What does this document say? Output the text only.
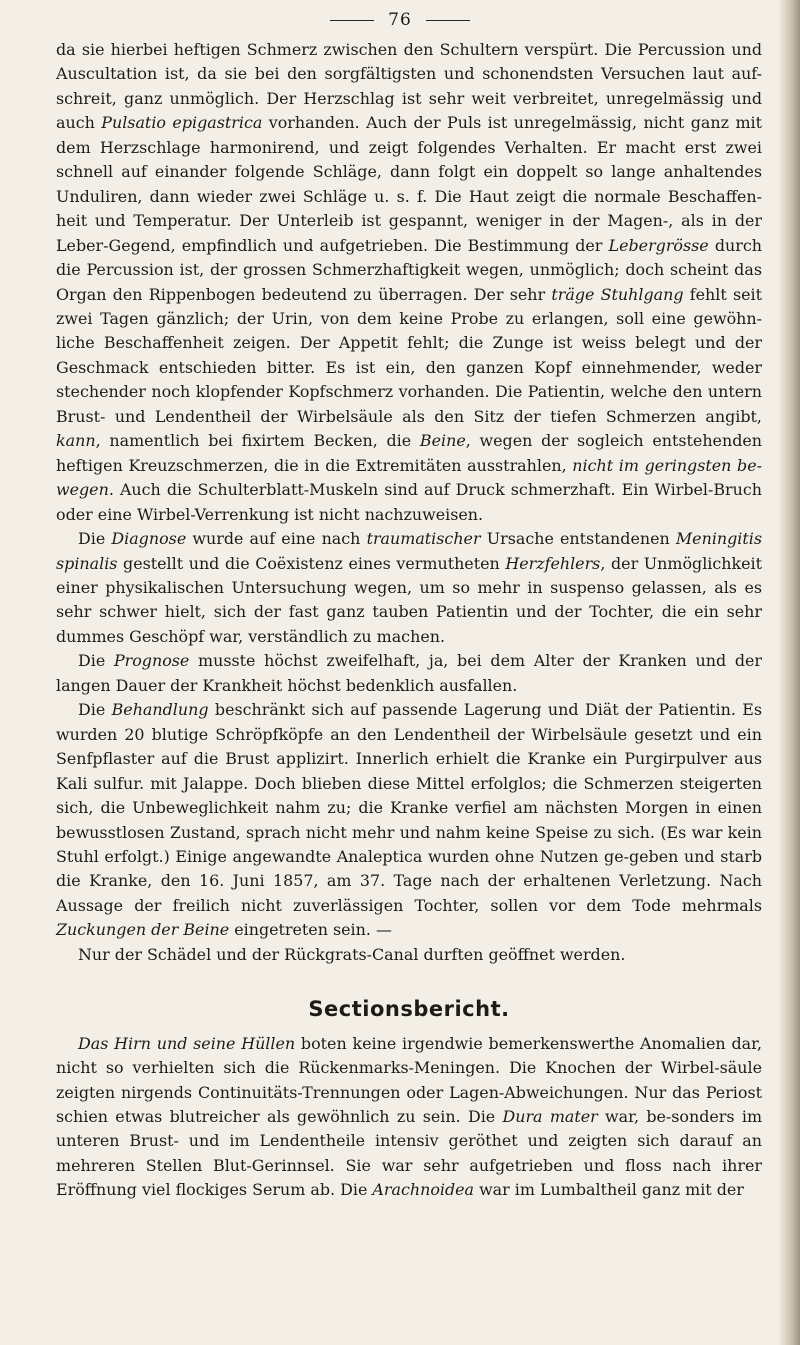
76

da sie hierbei heftigen Schmerz zwischen den Schultern verspürt. Die Percussion und Auscultation ist, da sie bei den sorgfältigsten und schonendsten Versuchen laut auf-schreit, ganz unmöglich. Der Herzschlag ist sehr weit verbreitet, unregelmässig und auch Pulsatio epigastrica vorhanden. Auch der Puls ist unregelmässig, nicht ganz mit dem Herzschlage harmonirend, und zeigt folgendes Verhalten. Er macht erst zwei schnell auf einander folgende Schläge, dann folgt ein doppelt so lange anhaltendes Unduliren, dann wieder zwei Schläge u. s. f. Die Haut zeigt die normale Beschaffen-heit und Temperatur. Der Unterleib ist gespannt, weniger in der Magen-, als in der Leber-Gegend, empfindlich und aufgetrieben. Die Bestimmung der Lebergrösse durch die Percussion ist, der grossen Schmerzhaftigkeit wegen, unmöglich; doch scheint das Organ den Rippenbogen bedeutend zu überragen. Der sehr träge Stuhlgang fehlt seit zwei Tagen gänzlich; der Urin, von dem keine Probe zu erlangen, soll eine gewöhn-liche Beschaffenheit zeigen. Der Appetit fehlt; die Zunge ist weiss belegt und der Geschmack entschieden bitter. Es ist ein, den ganzen Kopf einnehmender, weder stechender noch klopfender Kopfschmerz vorhanden. Die Patientin, welche den untern Brust- und Lendentheil der Wirbelsäule als den Sitz der tiefen Schmerzen angibt, kann, namentlich bei fixirtem Becken, die Beine, wegen der sogleich entstehenden heftigen Kreuzschmerzen, die in die Extremitäten ausstrahlen, nicht im geringsten be-wegen. Auch die Schulterblatt-Muskeln sind auf Druck schmerzhaft. Ein Wirbel-Bruch oder eine Wirbel-Verrenkung ist nicht nachzuweisen.

Die Diagnose wurde auf eine nach traumatischer Ursache entstandenen Meningitis spinalis gestellt und die Coëxistenz eines vermutheten Herzfehlers, der Unmöglichkeit einer physikalischen Untersuchung wegen, um so mehr in suspenso gelassen, als es sehr schwer hielt, sich der fast ganz tauben Patientin und der Tochter, die ein sehr dummes Geschöpf war, verständlich zu machen.

Die Prognose musste höchst zweifelhaft, ja, bei dem Alter der Kranken und der langen Dauer der Krankheit höchst bedenklich ausfallen.

Die Behandlung beschränkt sich auf passende Lagerung und Diät der Patientin. Es wurden 20 blutige Schröpfköpfe an den Lendentheil der Wirbelsäule gesetzt und ein Senfpflaster auf die Brust applizirt. Innerlich erhielt die Kranke ein Purgirpulver aus Kali sulfur. mit Jalappe. Doch blieben diese Mittel erfolglos; die Schmerzen steigerten sich, die Unbeweglichkeit nahm zu; die Kranke verfiel am nächsten Morgen in einen bewusstlosen Zustand, sprach nicht mehr und nahm keine Speise zu sich. (Es war kein Stuhl erfolgt.) Einige angewandte Analeptica wurden ohne Nutzen ge-geben und starb die Kranke, den 16. Juni 1857, am 37. Tage nach der erhaltenen Verletzung. Nach Aussage der freilich nicht zuverlässigen Tochter, sollen vor dem Tode mehrmals Zuckungen der Beine eingetreten sein. —

Nur der Schädel und der Rückgrats-Canal durften geöffnet werden.

Sectionsbericht.

Das Hirn und seine Hüllen boten keine irgendwie bemerkenswerthe Anomalien dar, nicht so verhielten sich die Rückenmarks-Meningen. Die Knochen der Wirbel-säule zeigten nirgends Continuitäts-Trennungen oder Lagen-Abweichungen. Nur das Periost schien etwas blutreicher als gewöhnlich zu sein. Die Dura mater war, be-sonders im unteren Brust- und im Lendentheile intensiv geröthet und zeigten sich darauf an mehreren Stellen Blut-Gerinnsel. Sie war sehr aufgetrieben und floss nach ihrer Eröffnung viel flockiges Serum ab. Die Arachnoidea war im Lumbaltheil ganz mit der
